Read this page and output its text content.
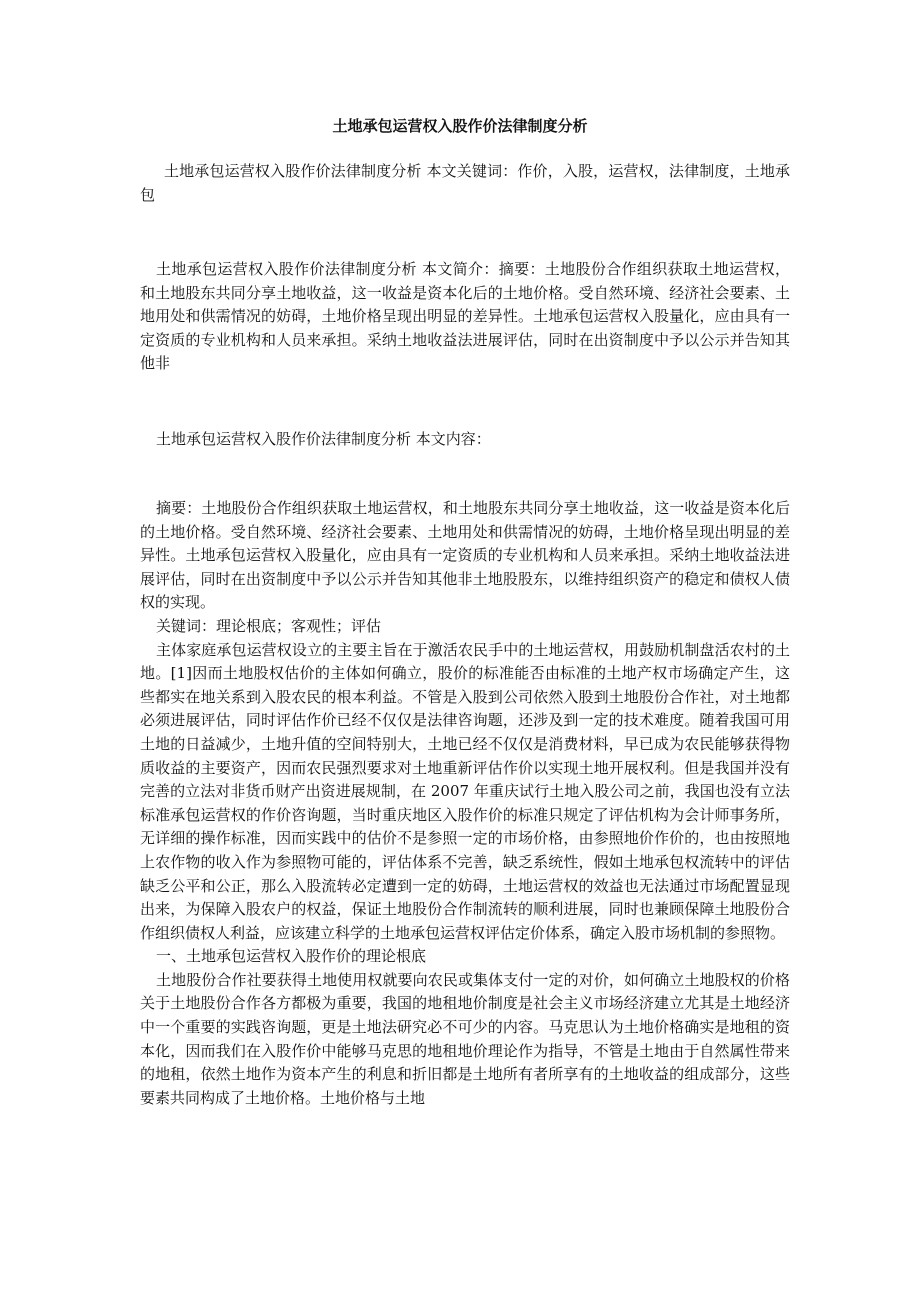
土地承包运营权入股作价法律制度分析

土地承包运营权入股作价法律制度分析 本文关键词：作价，入股，运营权，法律制度，土地承包

土地承包运营权入股作价法律制度分析 本文简介：摘要：土地股份合作组织获取土地运营权，和土地股东共同分享土地收益，这一收益是资本化后的土地价格。受自然环境、经济社会要素、土地用处和供需情况的妨碍，土地价格呈现出明显的差异性。土地承包运营权入股量化，应由具有一定资质的专业机构和人员来承担。采纳土地收益法进展评估，同时在出资制度中予以公示并告知其他非

土地承包运营权入股作价法律制度分析 本文内容：

摘要：土地股份合作组织获取土地运营权，和土地股东共同分享土地收益，这一收益是资本化后的土地价格。受自然环境、经济社会要素、土地用处和供需情况的妨碍，土地价格呈现出明显的差异性。土地承包运营权入股量化，应由具有一定资质的专业机构和人员来承担。采纳土地收益法进展评估，同时在出资制度中予以公示并告知其他非土地股股东，以维持组织资产的稳定和债权人债权的实现。

关键词：理论根底；客观性；评估

主体家庭承包运营权设立的主要主旨在于激活农民手中的土地运营权，用鼓励机制盘活农村的土地。[1]因而土地股权估价的主体如何确立，股价的标准能否由标准的土地产权市场确定产生，这些都实在地关系到入股农民的根本利益。不管是入股到公司依然入股到土地股份合作社，对土地都必须进展评估，同时评估作价已经不仅仅是法律咨询题，还涉及到一定的技术难度。随着我国可用土地的日益减少，土地升值的空间特别大，土地已经不仅仅是消费材料，早已成为农民能够获得物质收益的主要资产，因而农民强烈要求对土地重新评估作价以实现土地开展权利。但是我国并没有完善的立法对非货币财产出资进展规制，在 2007 年重庆试行土地入股公司之前，我国也没有立法标准承包运营权的作价咨询题，当时重庆地区入股作价的标准只规定了评估机构为会计师事务所，无详细的操作标准，因而实践中的估价不是参照一定的市场价格，由参照地价作价的，也由按照地上农作物的收入作为参照物可能的，评估体系不完善，缺乏系统性，假如土地承包权流转中的评估缺乏公平和公正，那么入股流转必定遭到一定的妨碍，土地运营权的效益也无法通过市场配置显现出来，为保障入股农户的权益，保证土地股份合作制流转的顺利进展，同时也兼顾保障土地股份合作组织债权人利益，应该建立科学的土地承包运营权评估定价体系，确定入股市场机制的参照物。

一、土地承包运营权入股作价的理论根底

土地股份合作社要获得土地使用权就要向农民或集体支付一定的对价，如何确立土地股权的价格关于土地股份合作各方都极为重要，我国的地租地价制度是社会主义市场经济建立尤其是土地经济中一个重要的实践咨询题，更是土地法研究必不可少的内容。马克思认为土地价格确实是地租的资本化，因而我们在入股作价中能够马克思的地租地价理论作为指导，不管是土地由于自然属性带来的地租，依然土地作为资本产生的利息和折旧都是土地所有者所享有的土地收益的组成部分，这些要素共同构成了土地价格。土地价格与土地
